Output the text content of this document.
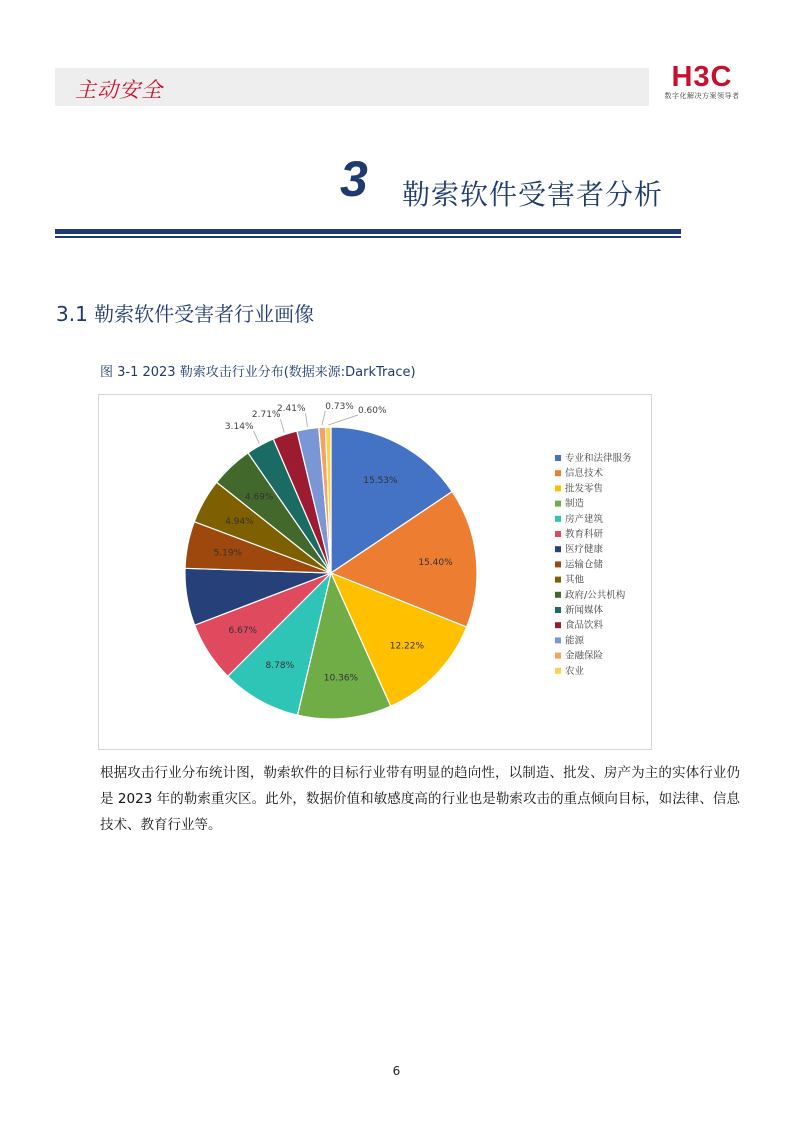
主动安全	H3C
数字化解决方案领导者
3 勒索软件受害者分析
3.1 勒索软件受害者行业画像
图 3-1 2023 勒索攻击行业分布(数据来源:DarkTrace)
15.53%
15.40%
12.22%
10.36%
8.78%
6.67%
5.19%
4.94%
4.69%
3.14%
2.71%
2.41% 0.73% 0.60%
专业和法律服务
信息技术
批发零售
制造
房产建筑
教育科研
医疗健康
运输仓储
其他
政府/公共机构
新闻媒体
食品饮料
能源
金融保险
农业
根据攻击行业分布统计图，勒索软件的目标行业带有明显的趋向性，以制造、批发、房产为主的实体行业仍是 2023 年的勒索重灾区。此外，数据价值和敏感度高的行业也是勒索攻击的重点倾向目标，如法律、信息技术、教育行业等。
6
